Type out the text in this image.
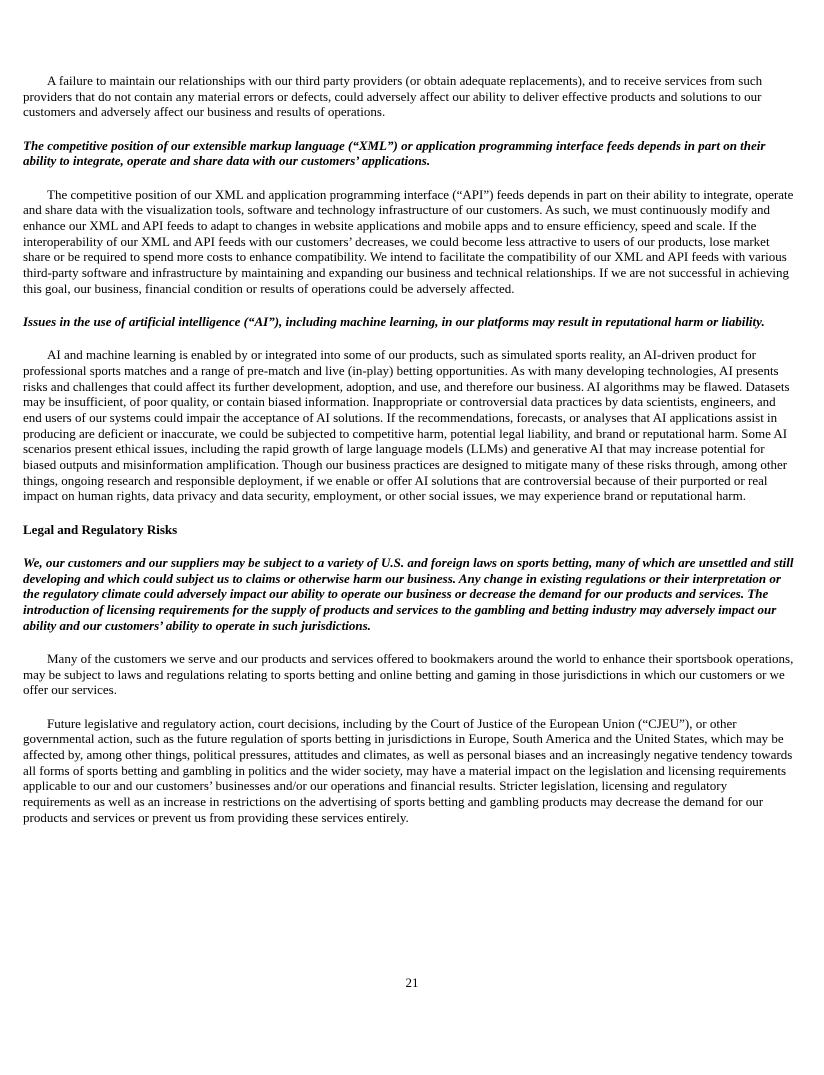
A failure to maintain our relationships with our third party providers (or obtain adequate replacements), and to receive services from such providers that do not contain any material errors or defects, could adversely affect our ability to deliver effective products and solutions to our customers and adversely affect our business and results of operations.

The competitive position of our extensible markup language (“XML”) or application programming interface feeds depends in part on their ability to integrate, operate and share data with our customers’ applications.

The competitive position of our XML and application programming interface (“API”) feeds depends in part on their ability to integrate, operate and share data with the visualization tools, software and technology infrastructure of our customers. As such, we must continuously modify and enhance our XML and API feeds to adapt to changes in website applications and mobile apps and to ensure efficiency, speed and scale. If the interoperability of our XML and API feeds with our customers’ decreases, we could become less attractive to users of our products, lose market share or be required to spend more costs to enhance compatibility. We intend to facilitate the compatibility of our XML and API feeds with various third-party software and infrastructure by maintaining and expanding our business and technical relationships. If we are not successful in achieving this goal, our business, financial condition or results of operations could be adversely affected.

Issues in the use of artificial intelligence (“AI”), including machine learning, in our platforms may result in reputational harm or liability.

AI and machine learning is enabled by or integrated into some of our products, such as simulated sports reality, an AI-driven product for professional sports matches and a range of pre-match and live (in-play) betting opportunities. As with many developing technologies, AI presents risks and challenges that could affect its further development, adoption, and use, and therefore our business. AI algorithms may be flawed. Datasets may be insufficient, of poor quality, or contain biased information. Inappropriate or controversial data practices by data scientists, engineers, and end users of our systems could impair the acceptance of AI solutions. If the recommendations, forecasts, or analyses that AI applications assist in producing are deficient or inaccurate, we could be subjected to competitive harm, potential legal liability, and brand or reputational harm. Some AI scenarios present ethical issues, including the rapid growth of large language models (LLMs) and generative AI that may increase potential for biased outputs and misinformation amplification. Though our business practices are designed to mitigate many of these risks through, among other things, ongoing research and responsible deployment, if we enable or offer AI solutions that are controversial because of their purported or real impact on human rights, data privacy and data security, employment, or other social issues, we may experience brand or reputational harm.

Legal and Regulatory Risks

We, our customers and our suppliers may be subject to a variety of U.S. and foreign laws on sports betting, many of which are unsettled and still developing and which could subject us to claims or otherwise harm our business. Any change in existing regulations or their interpretation or the regulatory climate could adversely impact our ability to operate our business or decrease the demand for our products and services. The introduction of licensing requirements for the supply of products and services to the gambling and betting industry may adversely impact our ability and our customers’ ability to operate in such jurisdictions.

Many of the customers we serve and our products and services offered to bookmakers around the world to enhance their sportsbook operations, may be subject to laws and regulations relating to sports betting and online betting and gaming in those jurisdictions in which our customers or we offer our services.

Future legislative and regulatory action, court decisions, including by the Court of Justice of the European Union (“CJEU”), or other governmental action, such as the future regulation of sports betting in jurisdictions in Europe, South America and the United States, which may be affected by, among other things, political pressures, attitudes and climates, as well as personal biases and an increasingly negative tendency towards all forms of sports betting and gambling in politics and the wider society, may have a material impact on the legislation and licensing requirements applicable to our and our customers’ businesses and/or our operations and financial results. Stricter legislation, licensing and regulatory requirements as well as an increase in restrictions on the advertising of sports betting and gambling products may decrease the demand for our products and services or prevent us from providing these services entirely.

21
